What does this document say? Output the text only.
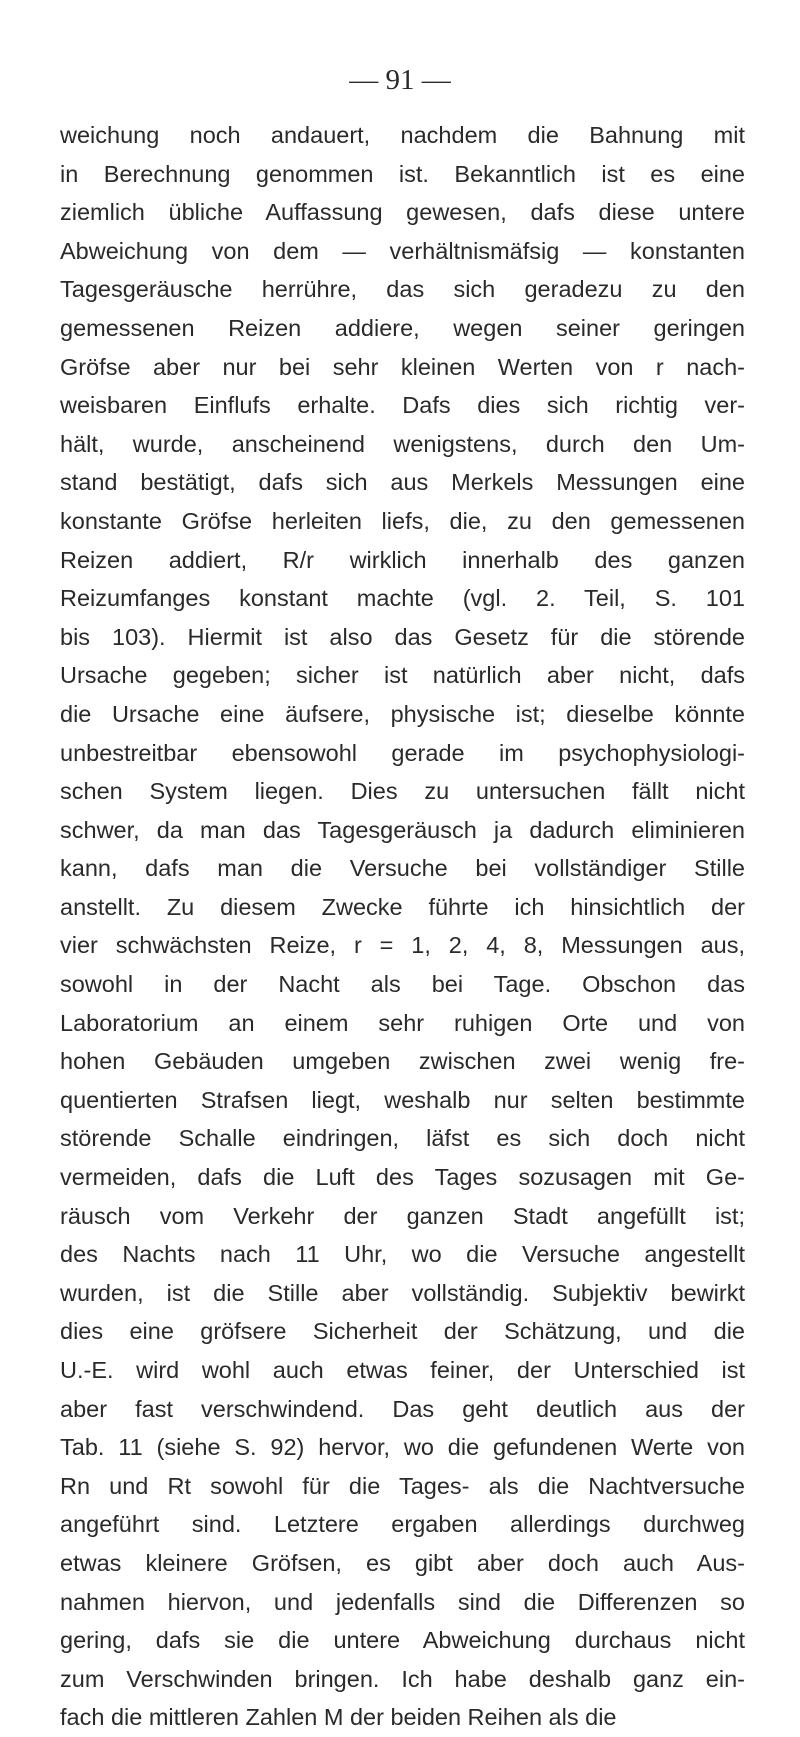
— 91 —
weichung noch andauert, nachdem die Bahnung mit
in Berechnung genommen ist. Bekanntlich ist es eine
ziemlich übliche Auffassung gewesen, dafs diese untere
Abweichung von dem — verhältnismäfsig — konstanten
Tagesgeräusche herrühre, das sich geradezu zu den
gemessenen Reizen addiere, wegen seiner geringen
Gröfse aber nur bei sehr kleinen Werten von r nach-
weisbaren Einflufs erhalte. Dafs dies sich richtig ver-
hält, wurde, anscheinend wenigstens, durch den Um-
stand bestätigt, dafs sich aus Merkels Messungen eine
konstante Gröfse herleiten liefs, die, zu den gemessenen
Reizen addiert, R/r wirklich innerhalb des ganzen
Reizumfanges konstant machte (vgl. 2. Teil, S. 101
bis 103). Hiermit ist also das Gesetz für die störende
Ursache gegeben; sicher ist natürlich aber nicht, dafs
die Ursache eine äufsere, physische ist; dieselbe könnte
unbestreitbar ebensowohl gerade im psychophysiologi-
schen System liegen. Dies zu untersuchen fällt nicht
schwer, da man das Tagesgeräusch ja dadurch eliminieren
kann, dafs man die Versuche bei vollständiger Stille
anstellt. Zu diesem Zwecke führte ich hinsichtlich der
vier schwächsten Reize, r = 1, 2, 4, 8, Messungen aus,
sowohl in der Nacht als bei Tage. Obschon das
Laboratorium an einem sehr ruhigen Orte und von
hohen Gebäuden umgeben zwischen zwei wenig fre-
quentierten Strafsen liegt, weshalb nur selten bestimmte
störende Schalle eindringen, läfst es sich doch nicht
vermeiden, dafs die Luft des Tages sozusagen mit Ge-
räusch vom Verkehr der ganzen Stadt angefüllt ist;
des Nachts nach 11 Uhr, wo die Versuche angestellt
wurden, ist die Stille aber vollständig. Subjektiv bewirkt
dies eine gröfsere Sicherheit der Schätzung, und die
U.-E. wird wohl auch etwas feiner, der Unterschied ist
aber fast verschwindend. Das geht deutlich aus der
Tab. 11 (siehe S. 92) hervor, wo die gefundenen Werte von
Rn und Rt sowohl für die Tages- als die Nachtversuche
angeführt sind. Letztere ergaben allerdings durchweg
etwas kleinere Gröfsen, es gibt aber doch auch Aus-
nahmen hiervon, und jedenfalls sind die Differenzen so
gering, dafs sie die untere Abweichung durchaus nicht
zum Verschwinden bringen. Ich habe deshalb ganz ein-
fach die mittleren Zahlen M der beiden Reihen als die
